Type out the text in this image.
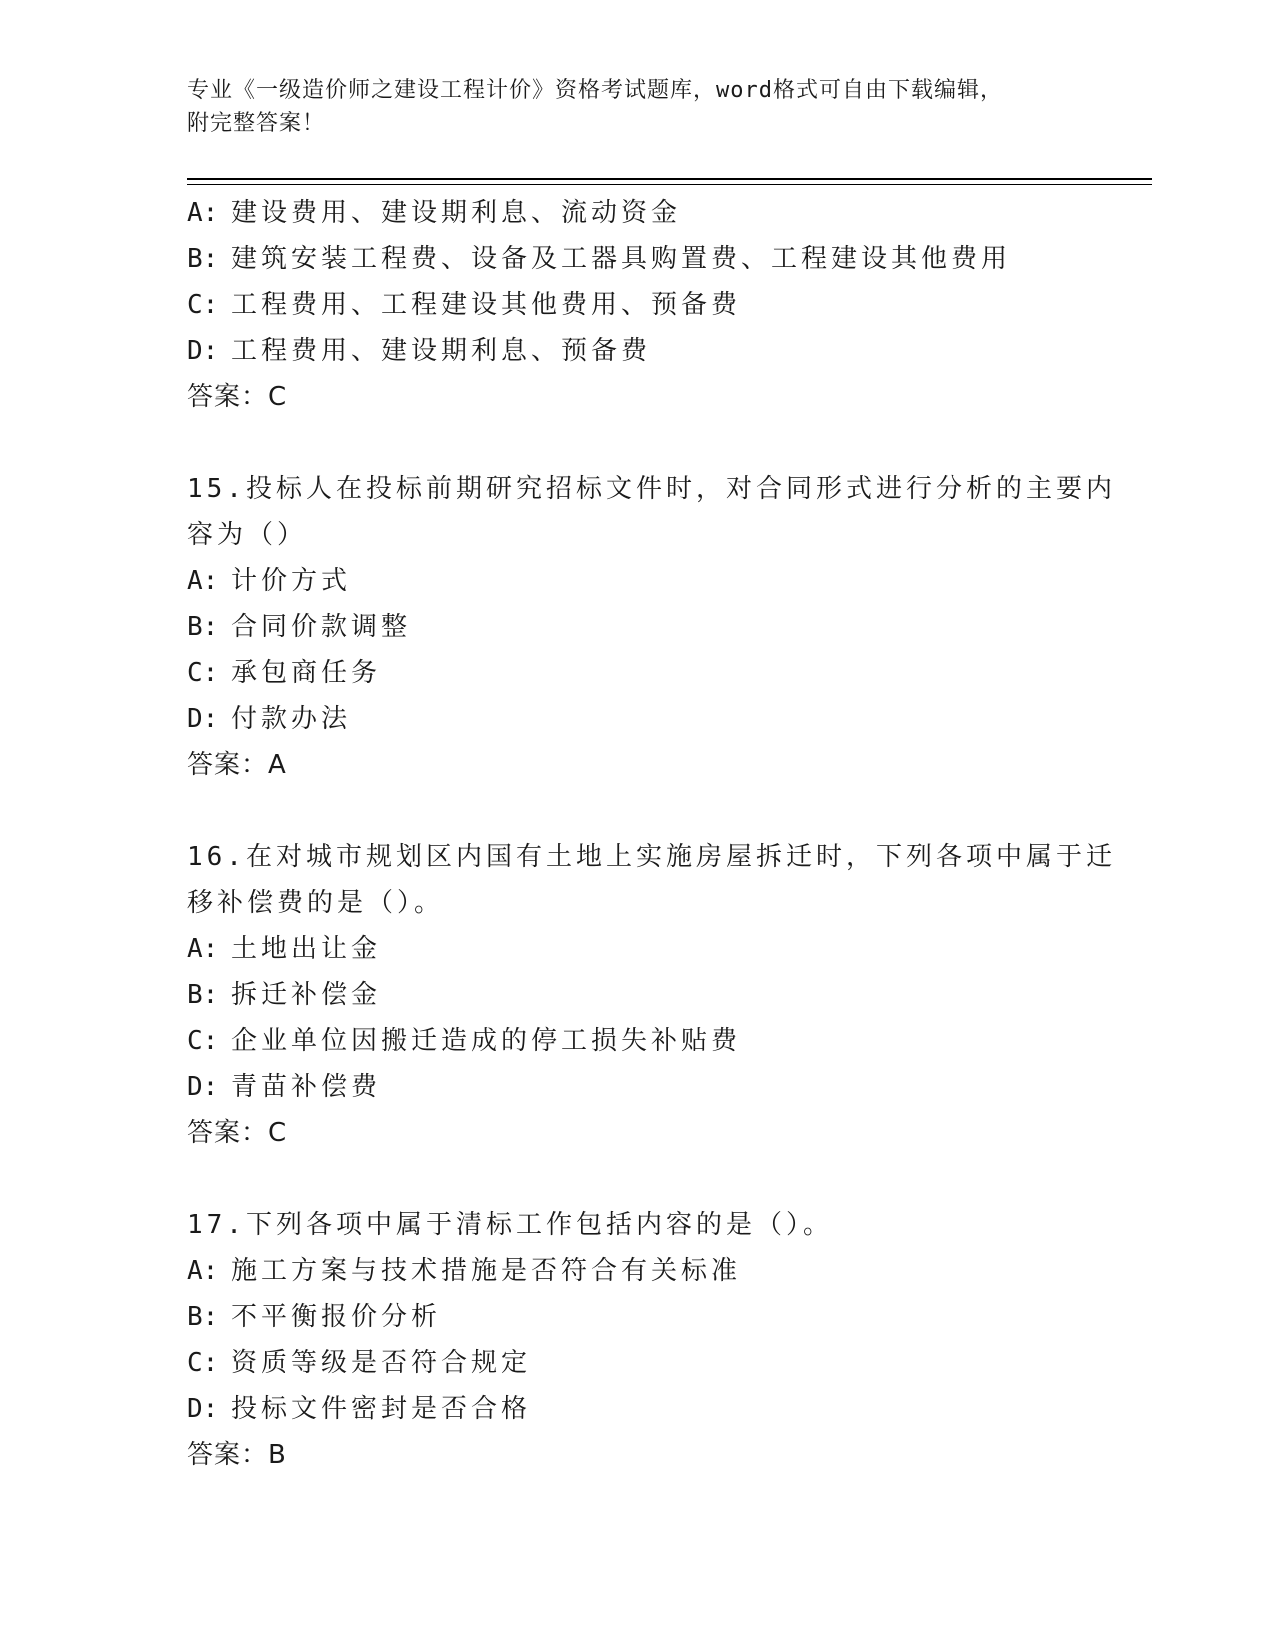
专业《一级造价师之建设工程计价》资格考试题库，word格式可自由下载编辑，
附完整答案！
A: 建设费用、建设期利息、流动资金
B: 建筑安装工程费、设备及工器具购置费、工程建设其他费用
C: 工程费用、工程建设其他费用、预备费
D: 工程费用、建设期利息、预备费
答案：C
15.投标人在投标前期研究招标文件时，对合同形式进行分析的主要内
容为（）
A: 计价方式
B: 合同价款调整
C: 承包商任务
D: 付款办法
答案：A
16.在对城市规划区内国有土地上实施房屋拆迁时，下列各项中属于迁
移补偿费的是（）。
A: 土地出让金
B: 拆迁补偿金
C: 企业单位因搬迁造成的停工损失补贴费
D: 青苗补偿费
答案：C
17.下列各项中属于清标工作包括内容的是（）。
A: 施工方案与技术措施是否符合有关标准
B: 不平衡报价分析
C: 资质等级是否符合规定
D: 投标文件密封是否合格
答案：B
